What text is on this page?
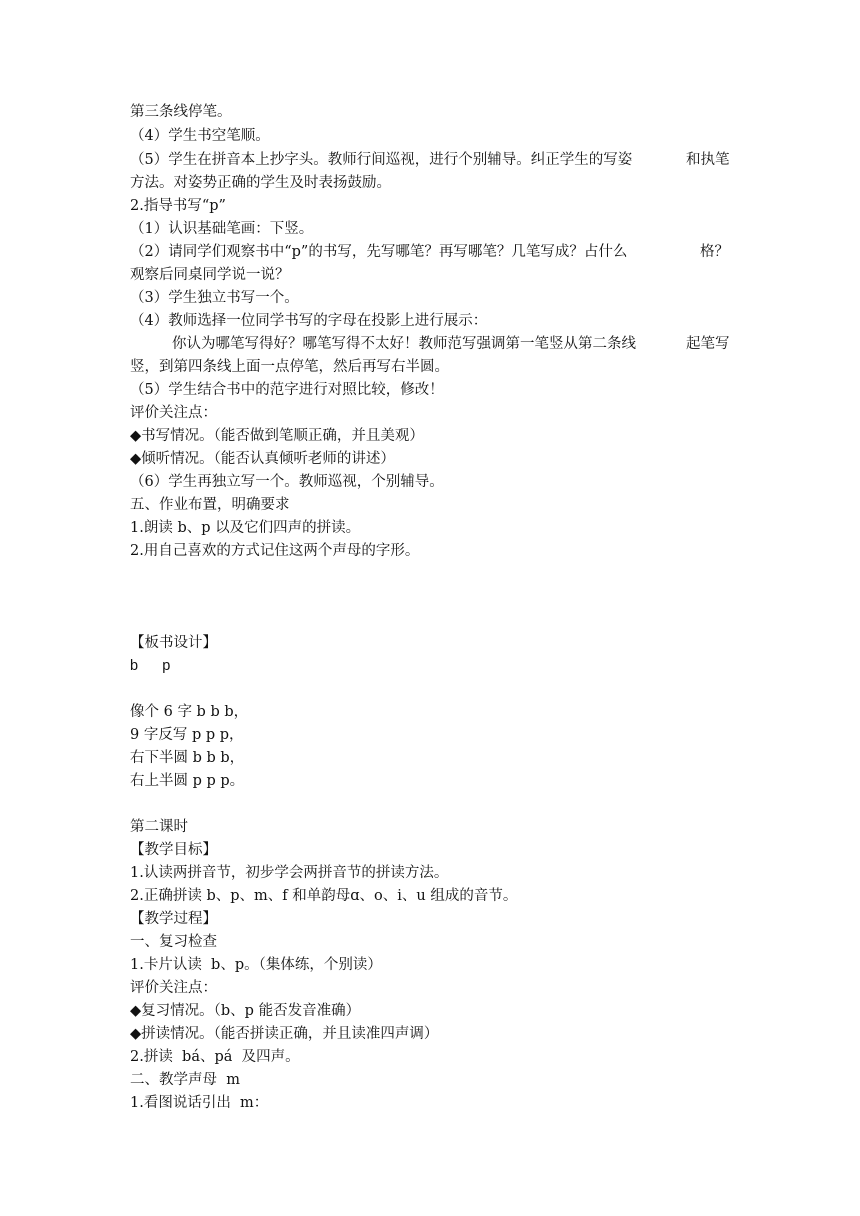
第三条线停笔。
（4）学生书空笔顺。
（5）学生在拼音本上抄字头。教师行间巡视，进行个别辅导。纠正学生的写姿	和执笔
方法。对姿势正确的学生及时表扬鼓励。
2.指导书写“p”
（1）认识基础笔画：下竖。
（2）请同学们观察书中“p”的书写，先写哪笔？再写哪笔？几笔写成？占什么	格？
观察后同桌同学说一说？
（3）学生独立书写一个。
（4）教师选择一位同学书写的字母在投影上进行展示：
你认为哪笔写得好？哪笔写得不太好！教师范写强调第一笔竖从第二条线	起笔写
竖，到第四条线上面一点停笔，然后再写右半圆。
（5）学生结合书中的范字进行对照比较，修改！
评价关注点：
◆书写情况。（能否做到笔顺正确，并且美观）
◆倾听情况。（能否认真倾听老师的讲述）
（6）学生再独立写一个。教师巡视，个别辅导。
五、作业布置，明确要求
1.朗读 b、p 以及它们四声的拼读。
2.用自己喜欢的方式记住这两个声母的字形。
【板书设计】
b      p
像个 6 字 b b b，
9 字反写 p p p，
右下半圆 b b b，
右上半圆 p p p。
第二课时
【教学目标】
1.认读两拼音节，初步学会两拼音节的拼读方法。
2.正确拼读 b、p、m、f 和单韵母ɑ、o、i、u 组成的音节。
【教学过程】
一、复习检查
1.卡片认读  b、p。（集体练，个别读）
评价关注点：
◆复习情况。（b、p 能否发音准确）
◆拼读情况。（能否拼读正确，并且读准四声调）
2.拼读  bá、pá  及四声。
二、教学声母  m
1.看图说话引出  m：
